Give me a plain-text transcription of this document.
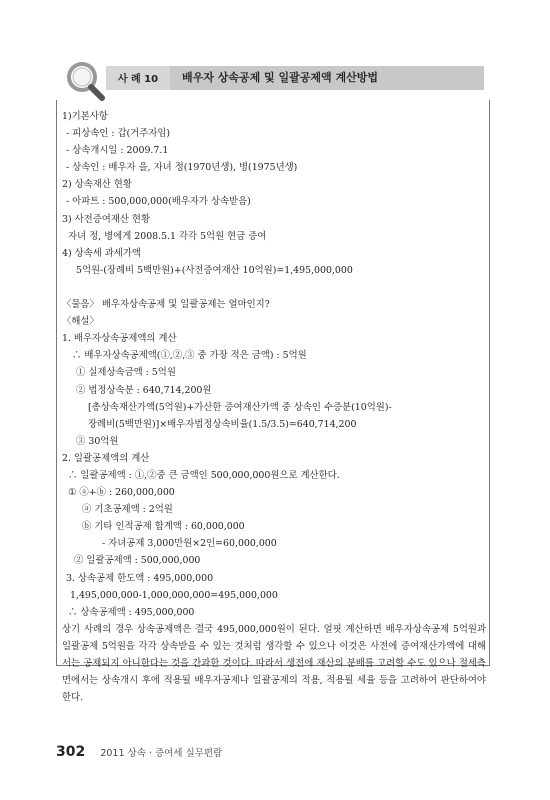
사 례 10	배우자 상속공제 및 일괄공제액 계산방법
1)기본사항
- 피상속인 : 갑(거주자임)
- 상속개시일 : 2009.7.1
- 상속인 : 배우자 을, 자녀 정(1970년생), 병(1975년생)
2) 상속재산 현황
- 아파트 : 500,000,000(배우자가 상속받음)
3) 사전증여재산 현황
자녀 정, 병에게 2008.5.1 각각 5억원 현금 증여
4) 상속세 과세가액
5억원-(장례비 5백만원)+(사전증여재산 10억원)=1,495,000,000
〈물음〉 배우자상속공제 및 일괄공제는 얼마인지?
〈해설〉
1. 배우자상속공제액의 계산
∴ 배우자상속공제액(①,②,③ 중 가장 적은 금액) : 5억원
① 실제상속금액 : 5억원
② 법정상속분 : 640,714,200원
[총상속재산가액(5억원)+가산한 증여재산가액 중 상속인 수증분(10억원)-
장례비(5백만원)]×배우자법정상속비율(1.5/3.5)=640,714,200
③ 30억원
2. 일괄공제액의 계산
∴ 일괄공제액 : ①,②중 큰 금액인 500,000,000원으로 계산한다.
① ⓐ+ⓑ : 260,000,000
ⓐ 기초공제액 : 2억원
ⓑ 기타 인적공제 합계액 : 60,000,000
- 자녀공제 3,000만원×2인=60,000,000
② 일괄공제액 : 500,000,000
3. 상속공제 한도액 : 495,000,000
1,495,000,000-1,000,000,000=495,000,000
∴ 상속공제액 : 495,000,000
상기 사례의 경우 상속공제액은 결국 495,000,000원이 된다. 얼핏 계산하면 배우자상속공제 5억원과 일괄공제 5억원을 각각 상속받을 수 있는 것처럼 생각할 수 있으나 이것은 사전에 증여재산가액에 대해서는 공제되지 아니한다는 것을 간과한 것이다. 따라서 생전에 재산의 분배를 고려할 수도 있으나 절세측면에서는 상속개시 후에 적용될 배우자공제나 일괄공제의 적용, 적용될 세율 등을 고려하여 판단하여야 한다.
302 2011 상속 · 증여세 실무편람
